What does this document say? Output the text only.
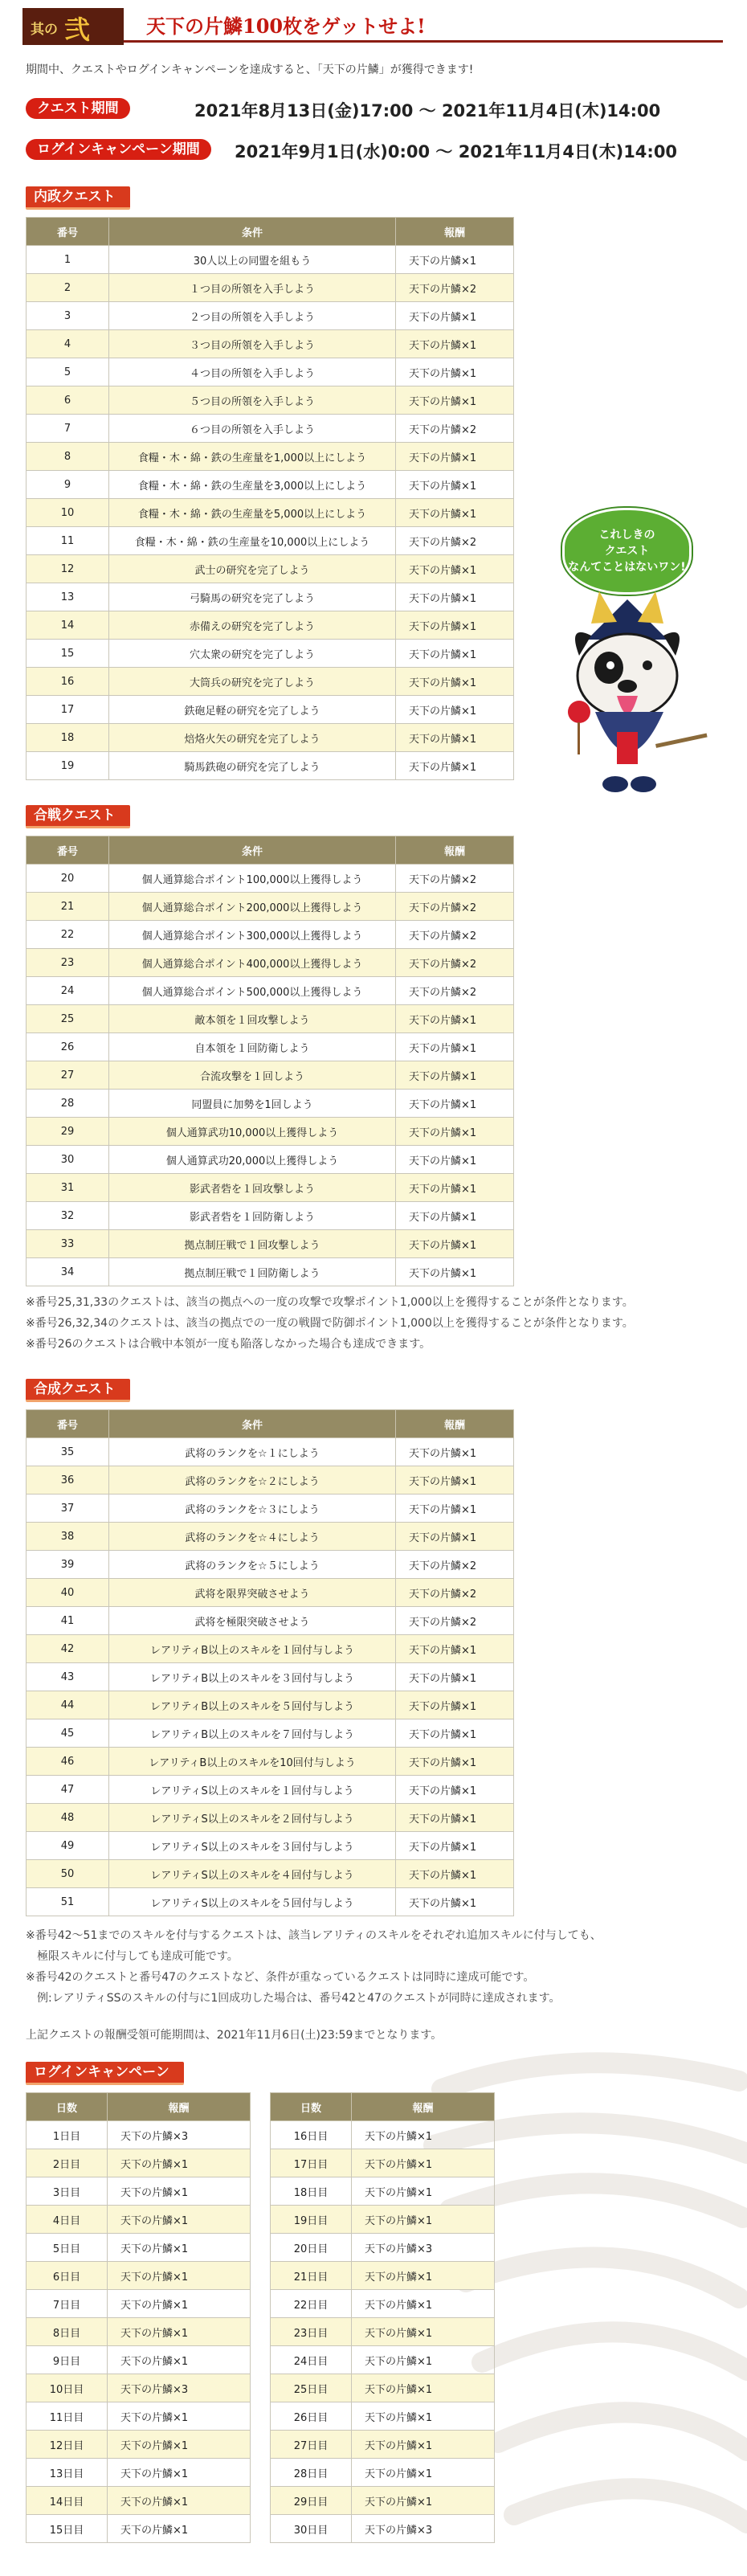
其の 弐	天下の片鱗100枚をゲットせよ!
期間中、クエストやログインキャンペーンを達成すると、「天下の片鱗」が獲得できます!
クエスト期間	2021年8月13日(金)17:00 ～ 2021年11月4日(木)14:00
ログインキャンペーン期間	2021年9月1日(水)0:00 ～ 2021年11月4日(木)14:00
内政クエスト
番号	条件	報酬
1	30人以上の同盟を組もう	天下の片鱗×1
2	１つ目の所領を入手しよう	天下の片鱗×2
3	２つ目の所領を入手しよう	天下の片鱗×1
4	３つ目の所領を入手しよう	天下の片鱗×1
5	４つ目の所領を入手しよう	天下の片鱗×1
6	５つ目の所領を入手しよう	天下の片鱗×1
7	６つ目の所領を入手しよう	天下の片鱗×2
8	食糧・木・綿・鉄の生産量を1,000以上にしよう	天下の片鱗×1
9	食糧・木・綿・鉄の生産量を3,000以上にしよう	天下の片鱗×1
10	食糧・木・綿・鉄の生産量を5,000以上にしよう	天下の片鱗×1
11	食糧・木・綿・鉄の生産量を10,000以上にしよう	天下の片鱗×2
12	武士の研究を完了しよう	天下の片鱗×1
13	弓騎馬の研究を完了しよう	天下の片鱗×1
14	赤備えの研究を完了しよう	天下の片鱗×1
15	穴太衆の研究を完了しよう	天下の片鱗×1
16	大筒兵の研究を完了しよう	天下の片鱗×1
17	鉄砲足軽の研究を完了しよう	天下の片鱗×1
18	焙烙火矢の研究を完了しよう	天下の片鱗×1
19	騎馬鉄砲の研究を完了しよう	天下の片鱗×1
合戦クエスト
番号	条件	報酬
20	個人通算総合ポイント100,000以上獲得しよう	天下の片鱗×2
21	個人通算総合ポイント200,000以上獲得しよう	天下の片鱗×2
22	個人通算総合ポイント300,000以上獲得しよう	天下の片鱗×2
23	個人通算総合ポイント400,000以上獲得しよう	天下の片鱗×2
24	個人通算総合ポイント500,000以上獲得しよう	天下の片鱗×2
25	敵本領を１回攻撃しよう	天下の片鱗×1
26	自本領を１回防衛しよう	天下の片鱗×1
27	合流攻撃を１回しよう	天下の片鱗×1
28	同盟員に加勢を1回しよう	天下の片鱗×1
29	個人通算武功10,000以上獲得しよう	天下の片鱗×1
30	個人通算武功20,000以上獲得しよう	天下の片鱗×1
31	影武者砦を１回攻撃しよう	天下の片鱗×1
32	影武者砦を１回防衛しよう	天下の片鱗×1
33	拠点制圧戦で１回攻撃しよう	天下の片鱗×1
34	拠点制圧戦で１回防衛しよう	天下の片鱗×1
※番号25,31,33のクエストは、該当の拠点への一度の攻撃で攻撃ポイント1,000以上を獲得することが条件となります。
※番号26,32,34のクエストは、該当の拠点での一度の戦闘で防御ポイント1,000以上を獲得することが条件となります。
※番号26のクエストは合戦中本領が一度も陥落しなかった場合も達成できます。
合成クエスト
番号	条件	報酬
35	武将のランクを☆１にしよう	天下の片鱗×1
36	武将のランクを☆２にしよう	天下の片鱗×1
37	武将のランクを☆３にしよう	天下の片鱗×1
38	武将のランクを☆４にしよう	天下の片鱗×1
39	武将のランクを☆５にしよう	天下の片鱗×2
40	武将を限界突破させよう	天下の片鱗×2
41	武将を極限突破させよう	天下の片鱗×2
42	レアリティB以上のスキルを１回付与しよう	天下の片鱗×1
43	レアリティB以上のスキルを３回付与しよう	天下の片鱗×1
44	レアリティB以上のスキルを５回付与しよう	天下の片鱗×1
45	レアリティB以上のスキルを７回付与しよう	天下の片鱗×1
46	レアリティB以上のスキルを10回付与しよう	天下の片鱗×1
47	レアリティS以上のスキルを１回付与しよう	天下の片鱗×1
48	レアリティS以上のスキルを２回付与しよう	天下の片鱗×1
49	レアリティS以上のスキルを３回付与しよう	天下の片鱗×1
50	レアリティS以上のスキルを４回付与しよう	天下の片鱗×1
51	レアリティS以上のスキルを５回付与しよう	天下の片鱗×1
※番号42～51までのスキルを付与するクエストは、該当レアリティのスキルをそれぞれ追加スキルに付与しても、
　極限スキルに付与しても達成可能です。
※番号42のクエストと番号47のクエストなど、条件が重なっているクエストは同時に達成可能です。
　例:レアリティSSのスキルの付与に1回成功した場合は、番号42と47のクエストが同時に達成されます。
上記クエストの報酬受領可能期間は、2021年11月6日(土)23:59までとなります。
ログインキャンペーン
日数	報酬
1日目	天下の片鱗×3
2日目	天下の片鱗×1
3日目	天下の片鱗×1
4日目	天下の片鱗×1
5日目	天下の片鱗×1
6日目	天下の片鱗×1
7日目	天下の片鱗×1
8日目	天下の片鱗×1
9日目	天下の片鱗×1
10日目	天下の片鱗×3
11日目	天下の片鱗×1
12日目	天下の片鱗×1
13日目	天下の片鱗×1
14日目	天下の片鱗×1
15日目	天下の片鱗×1
日数	報酬
16日目	天下の片鱗×1
17日目	天下の片鱗×1
18日目	天下の片鱗×1
19日目	天下の片鱗×1
20日目	天下の片鱗×3
21日目	天下の片鱗×1
22日目	天下の片鱗×1
23日目	天下の片鱗×1
24日目	天下の片鱗×1
25日目	天下の片鱗×1
26日目	天下の片鱗×1
27日目	天下の片鱗×1
28日目	天下の片鱗×1
29日目	天下の片鱗×1
30日目	天下の片鱗×3
これしきの
クエスト
なんてことはないワン!
